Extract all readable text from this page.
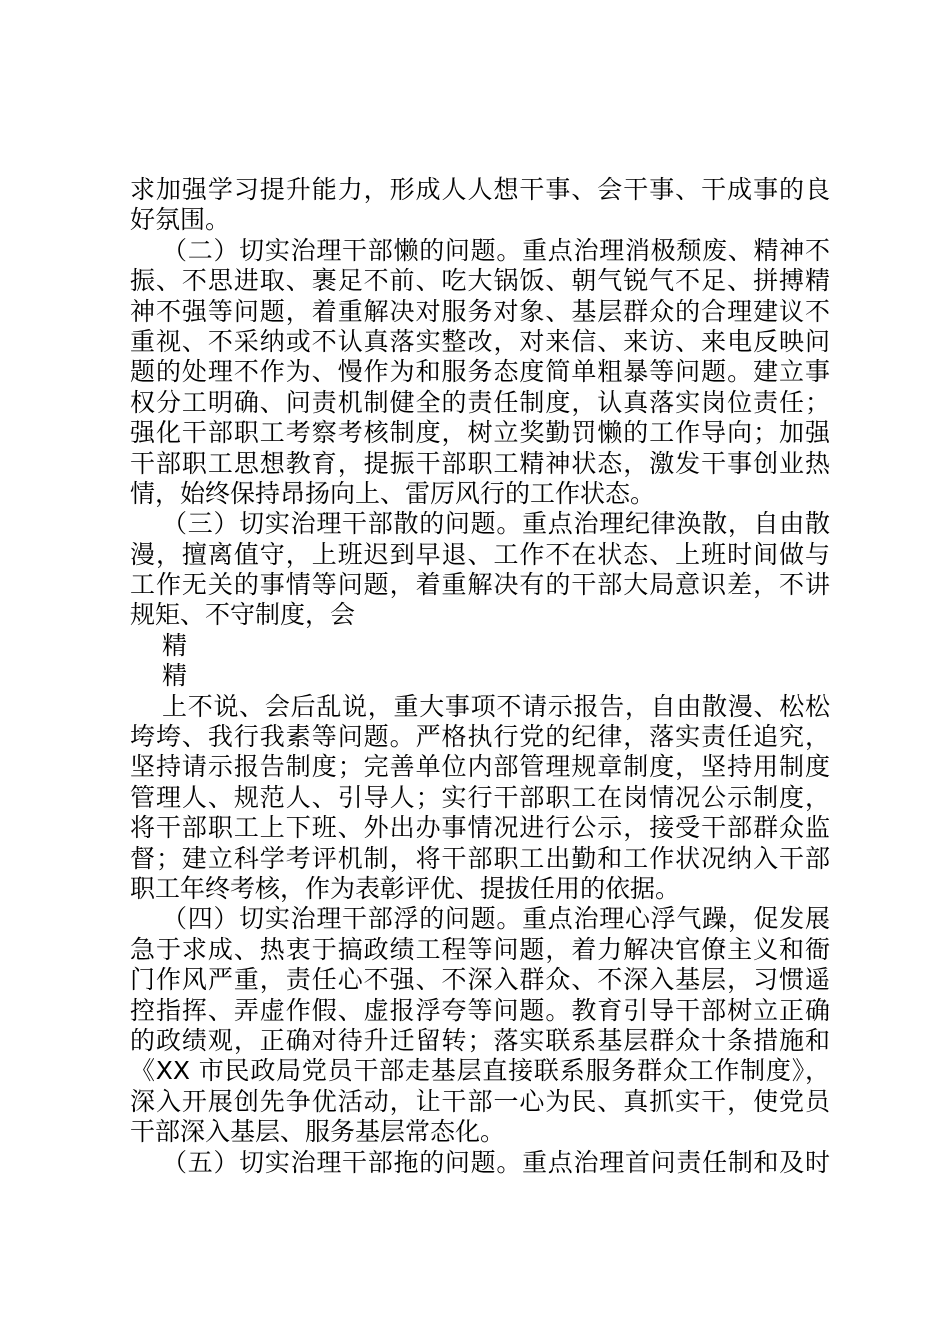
求加强学习提升能力，形成人人想干事、会干事、干成事的良
好氛围。
（二）切实治理干部懒的问题。重点治理消极颓废、精神不
振、不思进取、裹足不前、吃大锅饭、朝气锐气不足、拼搏精
神不强等问题，着重解决对服务对象、基层群众的合理建议不
重视、不采纳或不认真落实整改，对来信、来访、来电反映问
题的处理不作为、慢作为和服务态度简单粗暴等问题。建立事
权分工明确、问责机制健全的责任制度，认真落实岗位责任；
强化干部职工考察考核制度，树立奖勤罚懒的工作导向；加强
干部职工思想教育，提振干部职工精神状态，激发干事创业热
情，始终保持昂扬向上、雷厉风行的工作状态。
（三）切实治理干部散的问题。重点治理纪律涣散，自由散
漫，擅离值守，上班迟到早退、工作不在状态、上班时间做与
工作无关的事情等问题，着重解决有的干部大局意识差，不讲
规矩、不守制度，会
精
精
上不说、会后乱说，重大事项不请示报告，自由散漫、松松
垮垮、我行我素等问题。严格执行党的纪律，落实责任追究，
坚持请示报告制度；完善单位内部管理规章制度，坚持用制度
管理人、规范人、引导人；实行干部职工在岗情况公示制度，
将干部职工上下班、外出办事情况进行公示，接受干部群众监
督；建立科学考评机制，将干部职工出勤和工作状况纳入干部
职工年终考核，作为表彰评优、提拔任用的依据。
（四）切实治理干部浮的问题。重点治理心浮气躁，促发展
急于求成、热衷于搞政绩工程等问题，着力解决官僚主义和衙
门作风严重，责任心不强、不深入群众、不深入基层，习惯遥
控指挥、弄虚作假、虚报浮夸等问题。教育引导干部树立正确
的政绩观，正确对待升迁留转；落实联系基层群众十条措施和
《XX 市民政局党员干部走基层直接联系服务群众工作制度》，
深入开展创先争优活动，让干部一心为民、真抓实干，使党员
干部深入基层、服务基层常态化。
（五）切实治理干部拖的问题。重点治理首问责任制和及时
